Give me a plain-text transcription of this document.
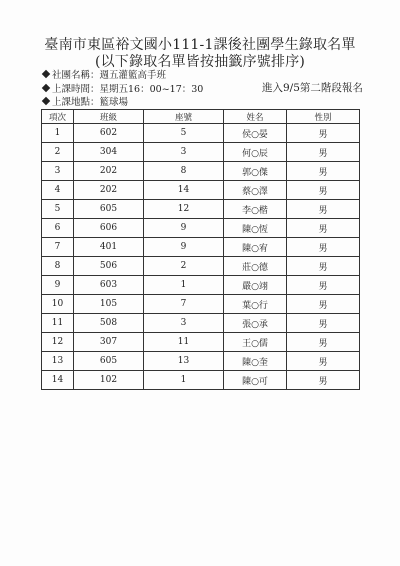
臺南市東區裕文國小111-1課後社團學生錄取名單
(以下錄取名單皆按抽籤序號排序)
社團名稱：週五灌籃高手班
上課時間：星期五16：00~17：30
上課地點：籃球場
進入9/5第二階段報名
項次	班級	座號	姓名	性別
1	602	5	侯○晏	男
2	304	3	何○辰	男
3	202	8	郭○傑	男
4	202	14	蔡○澤	男
5	605	12	李○楷	男
6	606	9	陳○恆	男
7	401	9	陳○宥	男
8	506	2	莊○德	男
9	603	1	嚴○翊	男
10	105	7	葉○行	男
11	508	3	張○承	男
12	307	11	王○儒	男
13	605	13	陳○奎	男
14	102	1	陳○可	男
